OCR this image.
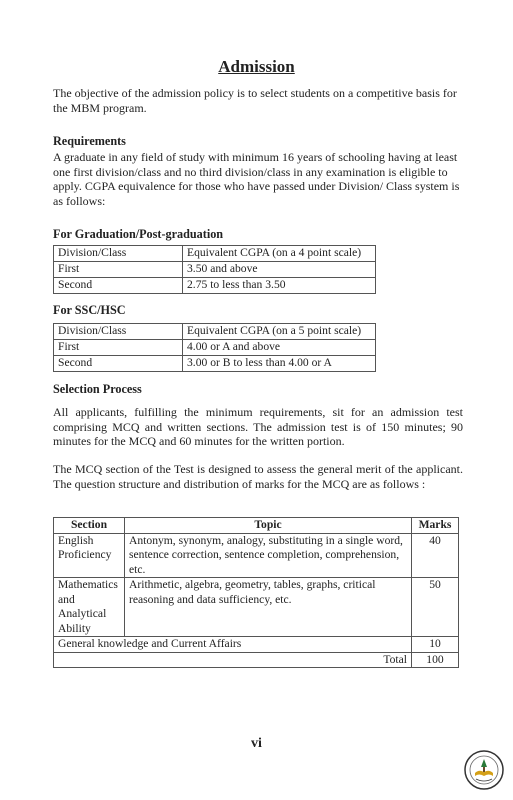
Admission

The objective of the admission policy is to select students on a competitive basis for the MBM program.

Requirements

A graduate in any field of study with minimum 16 years of schooling having at least one first division/class and no third division/class in any examination is eligible to apply. CGPA equivalence for those who have passed under Division/ Class system is as follows:

For Graduation/Post-graduation
Division/Class	Equivalent CGPA (on a 4 point scale)
First	3.50 and above
Second	2.75 to less than 3.50
For SSC/HSC
Division/Class	Equivalent CGPA (on a 5 point scale)
First	4.00 or A and above
Second	3.00 or B to less than 4.00 or A
Selection Process

All applicants, fulfilling the minimum requirements, sit for an admission test comprising MCQ and written sections. The admission test is of 150 minutes; 90 minutes for the MCQ and 60 minutes for the written portion.

The MCQ section of the Test is designed to assess the general merit of the applicant. The question structure and distribution of marks for the MCQ are as follows :

Section	Topic	Marks
English Proficiency	Antonym, synonym, analogy, substituting in a single word, sentence correction, sentence completion, comprehension, etc.	40
Mathematics and Analytical Ability	Arithmetic, algebra, geometry, tables, graphs, critical reasoning and data sufficiency, etc.	50
General knowledge and Current Affairs		10
Total		100
vi
